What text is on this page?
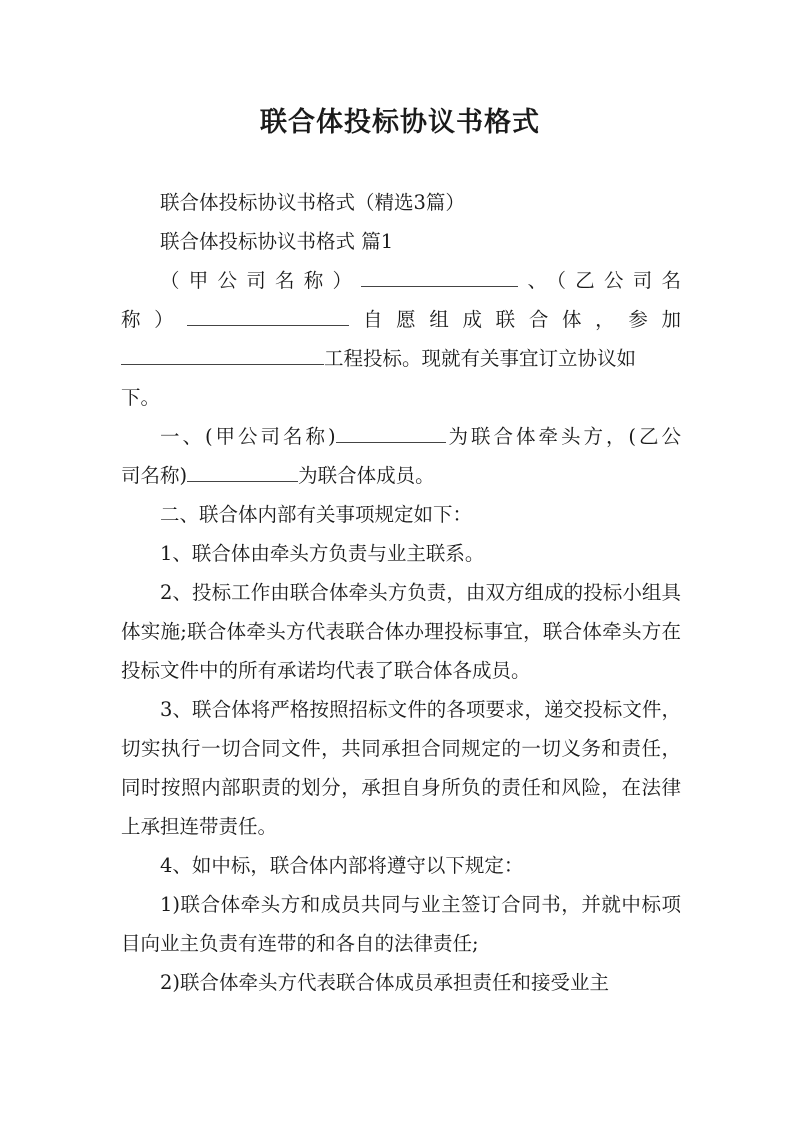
联合体投标协议书格式
联合体投标协议书格式（精选3篇）
联合体投标协议书格式 篇1
（甲公司名称）	、（乙公司名
称）	自愿组成联合体，参加
工程投标。现就有关事宜订立协议如
下。
一、(甲公司名称)	为联合体牵头方，(乙公
司名称)	为联合体成员。
二、联合体内部有关事项规定如下：
1、联合体由牵头方负责与业主联系。
2、投标工作由联合体牵头方负责，由双方组成的投标小组具体实施;联合体牵头方代表联合体办理投标事宜，联合体牵头方在投标文件中的所有承诺均代表了联合体各成员。
3、联合体将严格按照招标文件的各项要求，递交投标文件，切实执行一切合同文件，共同承担合同规定的一切义务和责任，同时按照内部职责的划分，承担自身所负的责任和风险，在法律上承担连带责任。
4、如中标，联合体内部将遵守以下规定：
1)联合体牵头方和成员共同与业主签订合同书，并就中标项目向业主负责有连带的和各自的法律责任;
2)联合体牵头方代表联合体成员承担责任和接受业主
